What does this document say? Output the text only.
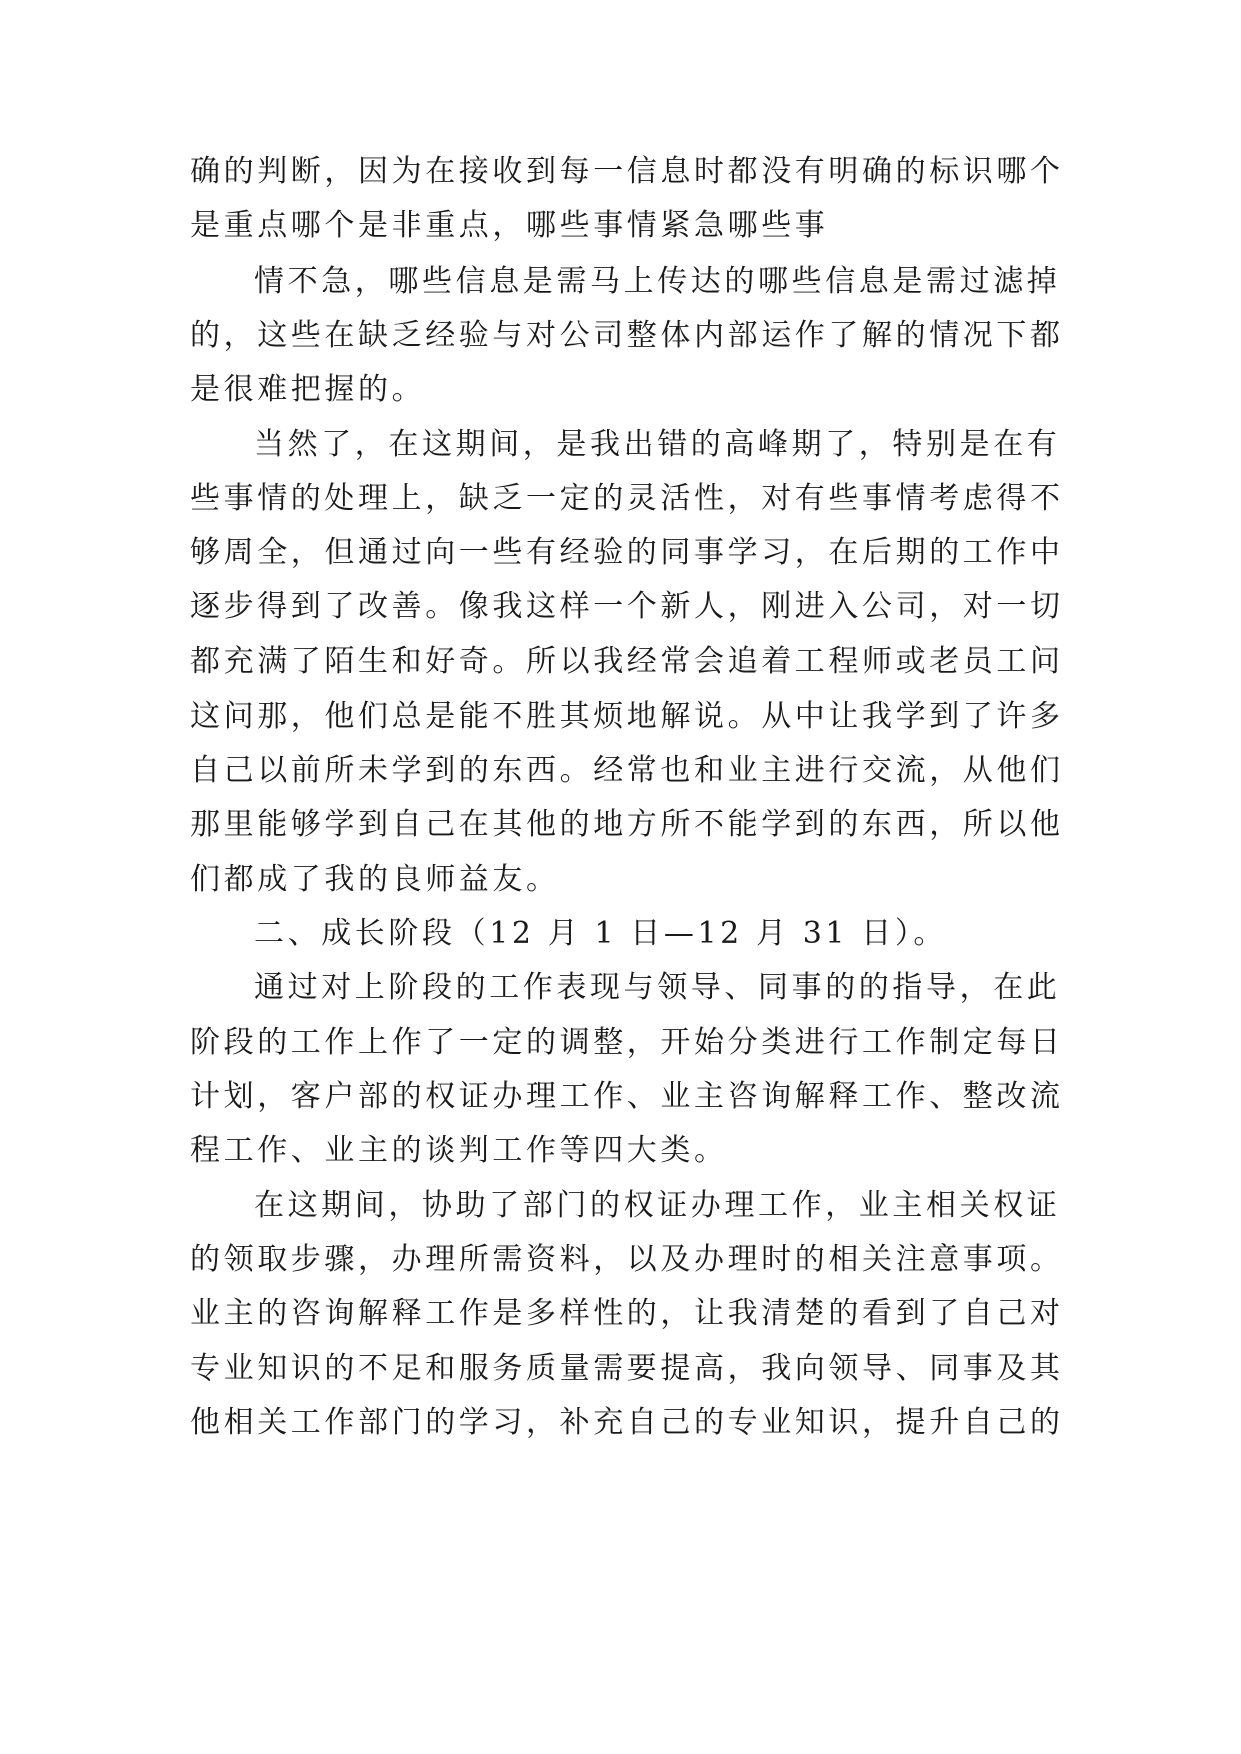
确的判断，因为在接收到每一信息时都没有明确的标识哪个
是重点哪个是非重点，哪些事情紧急哪些事
情不急，哪些信息是需马上传达的哪些信息是需过滤掉
的，这些在缺乏经验与对公司整体内部运作了解的情况下都
是很难把握的。
当然了，在这期间，是我出错的高峰期了，特别是在有
些事情的处理上，缺乏一定的灵活性，对有些事情考虑得不
够周全，但通过向一些有经验的同事学习，在后期的工作中
逐步得到了改善。像我这样一个新人，刚进入公司，对一切
都充满了陌生和好奇。所以我经常会追着工程师或老员工问
这问那，他们总是能不胜其烦地解说。从中让我学到了许多
自己以前所未学到的东西。经常也和业主进行交流，从他们
那里能够学到自己在其他的地方所不能学到的东西，所以他
们都成了我的良师益友。
二、成长阶段（12 月 1 日—12 月 31 日）。
通过对上阶段的工作表现与领导、同事的的指导，在此
阶段的工作上作了一定的调整，开始分类进行工作制定每日
计划，客户部的权证办理工作、业主咨询解释工作、整改流
程工作、业主的谈判工作等四大类。
在这期间，协助了部门的权证办理工作，业主相关权证
的领取步骤，办理所需资料，以及办理时的相关注意事项。
业主的咨询解释工作是多样性的，让我清楚的看到了自己对
专业知识的不足和服务质量需要提高，我向领导、同事及其
他相关工作部门的学习，补充自己的专业知识，提升自己的
